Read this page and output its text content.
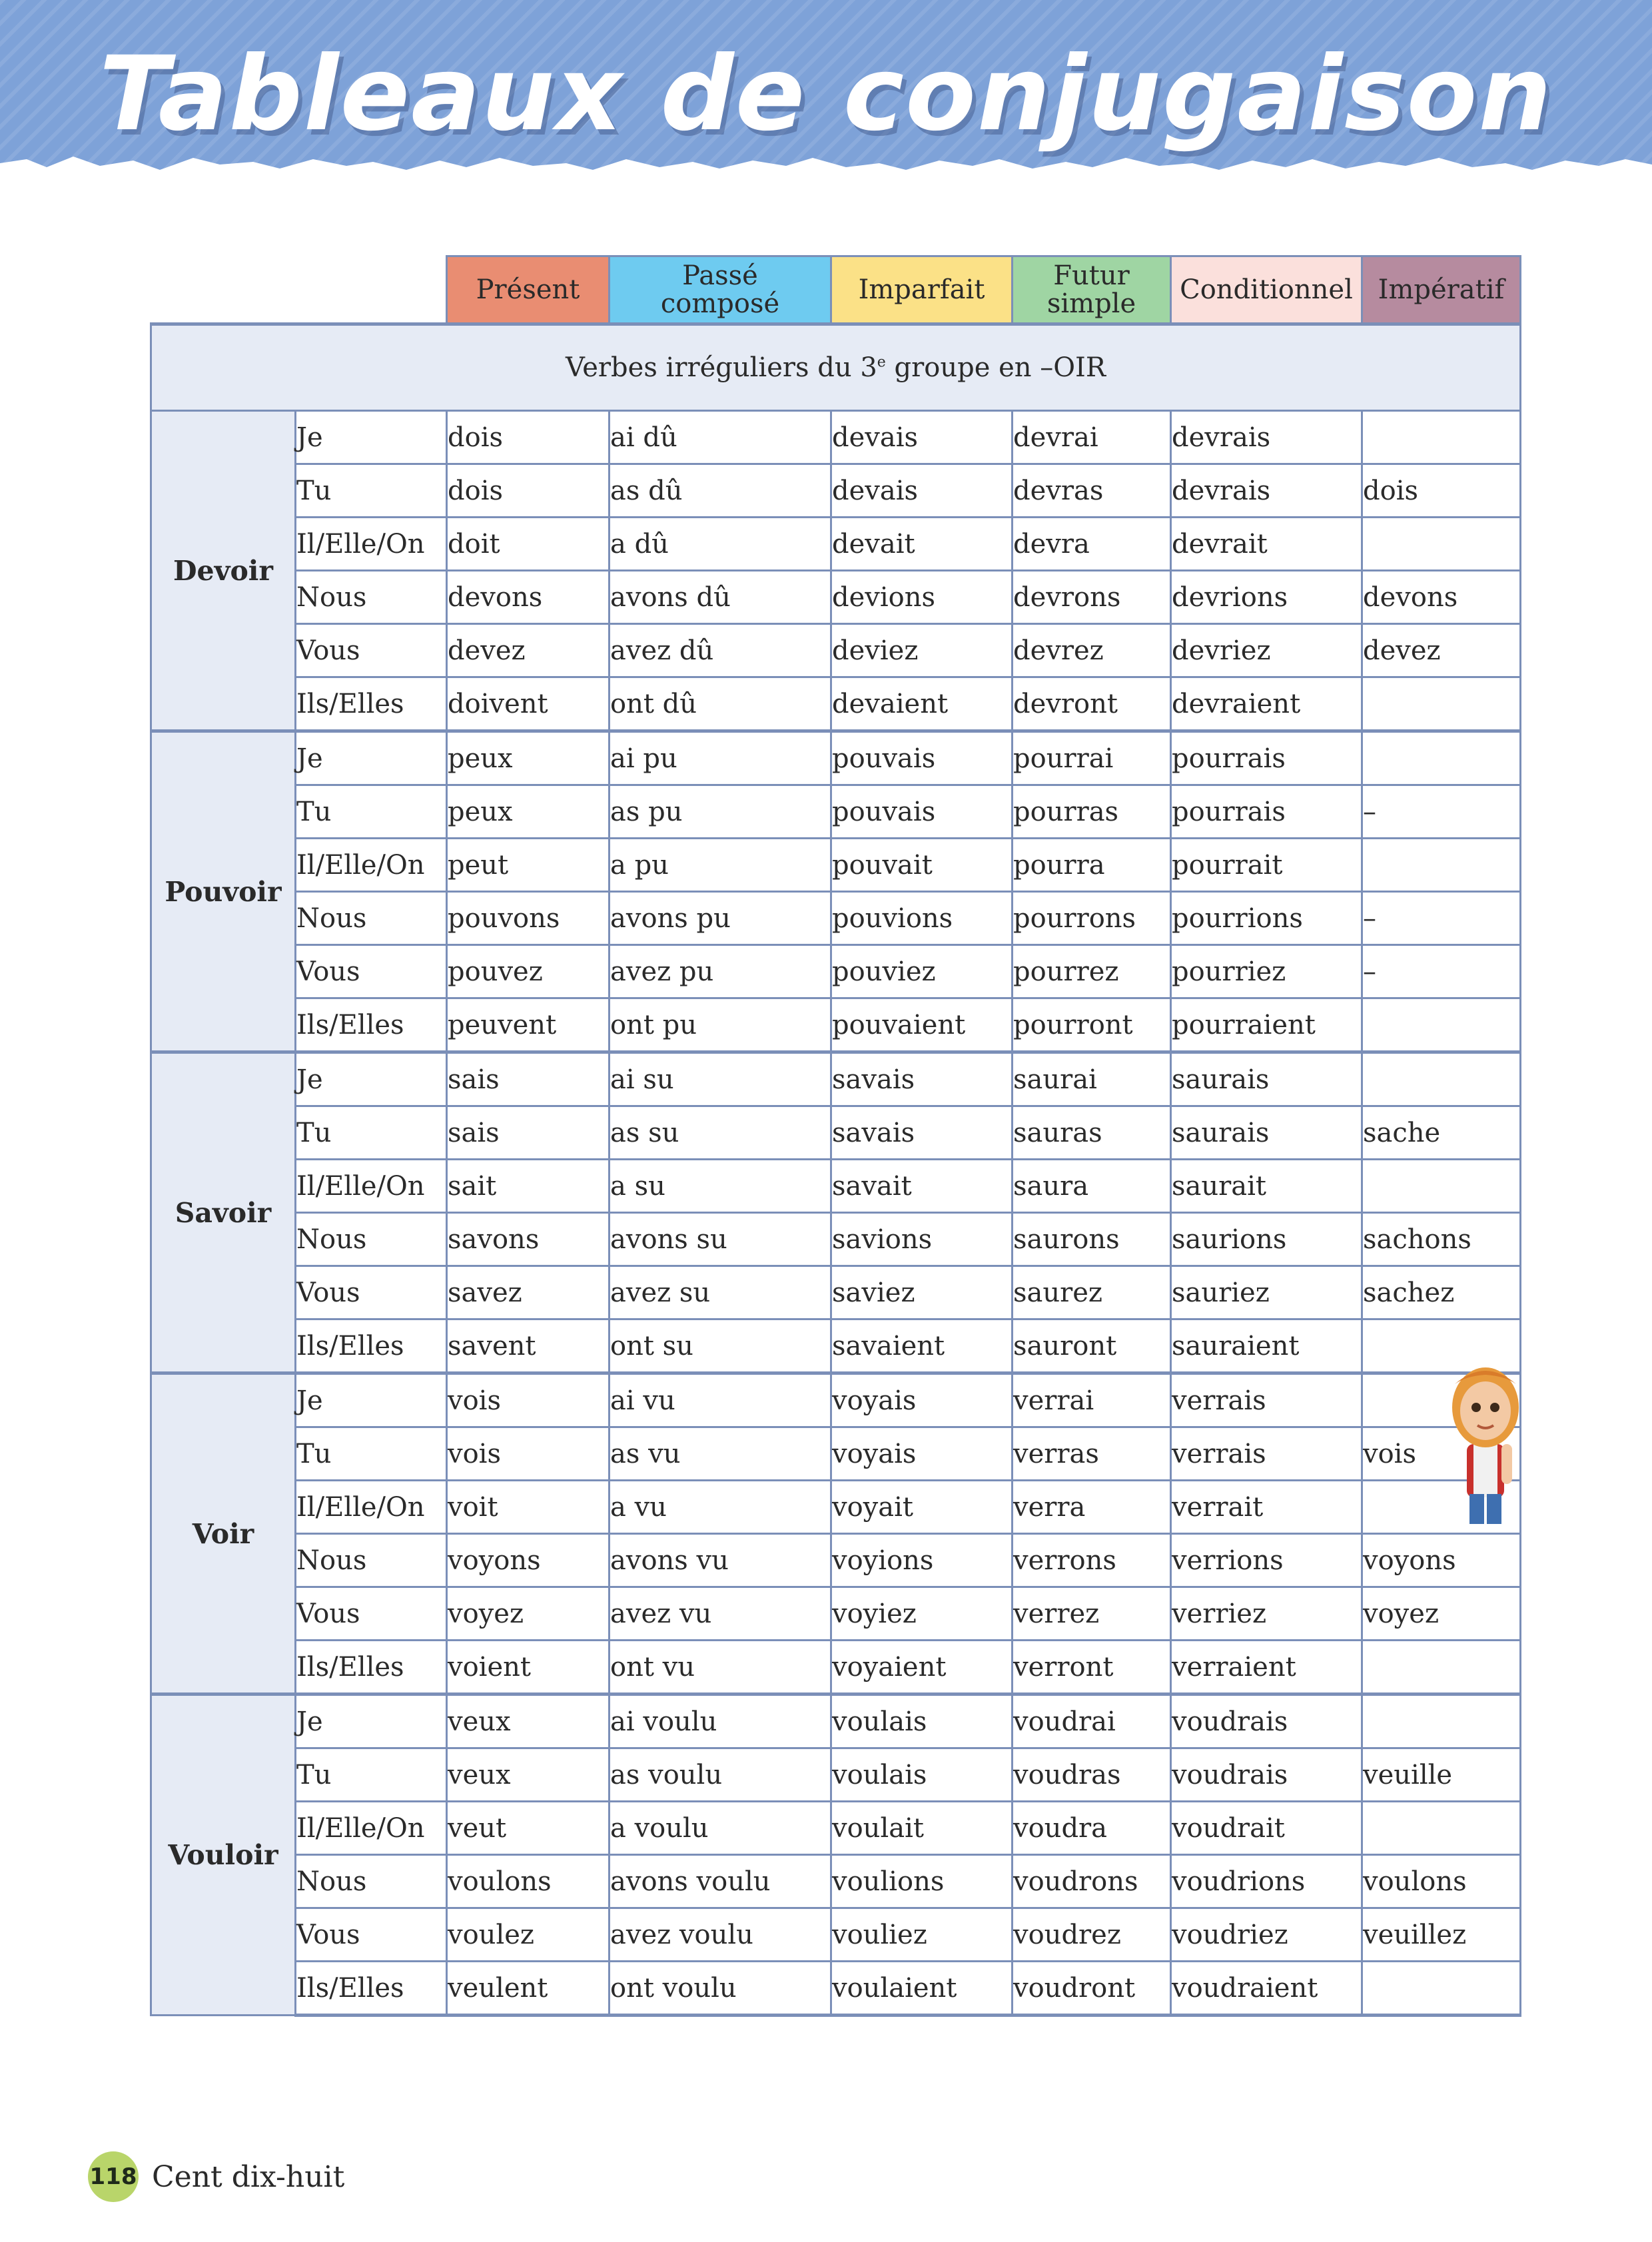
Tableaux de conjugaison
		Présent	Passé
composé	Imparfait	Futur
simple	Conditionnel	Impératif
Verbes irréguliers du 3e groupe en –OIR							
Devoir	Je	dois	ai dû	devais	devrai	devrais	
	Tu	dois	as dû	devais	devras	devrais	dois
	Il/Elle/On	doit	a dû	devait	devra	devrait	
	Nous	devons	avons dû	devions	devrons	devrions	devons
	Vous	devez	avez dû	deviez	devrez	devriez	devez
	Ils/Elles	doivent	ont dû	devaient	devront	devraient	
Pouvoir	Je	peux	ai pu	pouvais	pourrai	pourrais	
	Tu	peux	as pu	pouvais	pourras	pourrais	–
	Il/Elle/On	peut	a pu	pouvait	pourra	pourrait	
	Nous	pouvons	avons pu	pouvions	pourrons	pourrions	–
	Vous	pouvez	avez pu	pouviez	pourrez	pourriez	–
	Ils/Elles	peuvent	ont pu	pouvaient	pourront	pourraient	
Savoir	Je	sais	ai su	savais	saurai	saurais	
	Tu	sais	as su	savais	sauras	saurais	sache
	Il/Elle/On	sait	a su	savait	saura	saurait	
	Nous	savons	avons su	savions	saurons	saurions	sachons
	Vous	savez	avez su	saviez	saurez	sauriez	sachez
	Ils/Elles	savent	ont su	savaient	sauront	sauraient	
Voir	Je	vois	ai vu	voyais	verrai	verrais	
	Tu	vois	as vu	voyais	verras	verrais	vois
	Il/Elle/On	voit	a vu	voyait	verra	verrait	
	Nous	voyons	avons vu	voyions	verrons	verrions	voyons
	Vous	voyez	avez vu	voyiez	verrez	verriez	voyez
	Ils/Elles	voient	ont vu	voyaient	verront	verraient	
Vouloir	Je	veux	ai voulu	voulais	voudrai	voudrais	
	Tu	veux	as voulu	voulais	voudras	voudrais	veuille
	Il/Elle/On	veut	a voulu	voulait	voudra	voudrait	
	Nous	voulons	avons voulu	voulions	voudrons	voudrions	voulons
	Vous	voulez	avez voulu	vouliez	voudrez	voudriez	veuillez
	Ils/Elles	veulent	ont voulu	voulaient	voudront	voudraient	
118 Cent dix-huit
